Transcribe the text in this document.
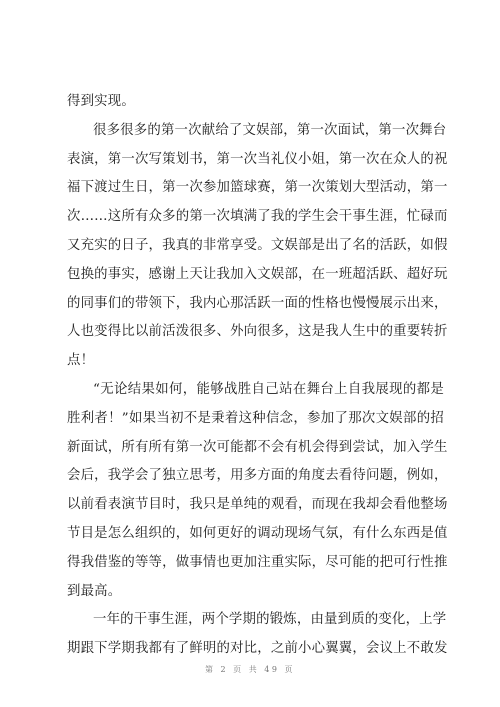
得到实现。
很多很多的第一次献给了文娱部，第一次面试，第一次舞台
表演，第一次写策划书，第一次当礼仪小姐，第一次在众人的祝
福下渡过生日，第一次参加篮球赛，第一次策划大型活动，第一
次……这所有众多的第一次填满了我的学生会干事生涯，忙碌而
又充实的日子，我真的非常享受。文娱部是出了名的活跃，如假
包换的事实，感谢上天让我加入文娱部，在一班超活跃、超好玩
的同事们的带领下，我内心那活跃一面的性格也慢慢展示出来，
人也变得比以前活泼很多、外向很多，这是我人生中的重要转折
点！
“无论结果如何，能够战胜自己站在舞台上自我展现的都是
胜利者！”如果当初不是秉着这种信念，参加了那次文娱部的招
新面试，所有所有第一次可能都不会有机会得到尝试，加入学生
会后，我学会了独立思考，用多方面的角度去看待问题，例如，
以前看表演节目时，我只是单纯的观看，而现在我却会看他整场
节目是怎么组织的，如何更好的调动现场气氛，有什么东西是值
得我借鉴的等等，做事情也更加注重实际，尽可能的把可行性推
到最高。
一年的干事生涯，两个学期的锻炼，由量到质的变化，上学
期跟下学期我都有了鲜明的对比，之前小心翼翼，会议上不敢发
第 2 页 共 49 页
